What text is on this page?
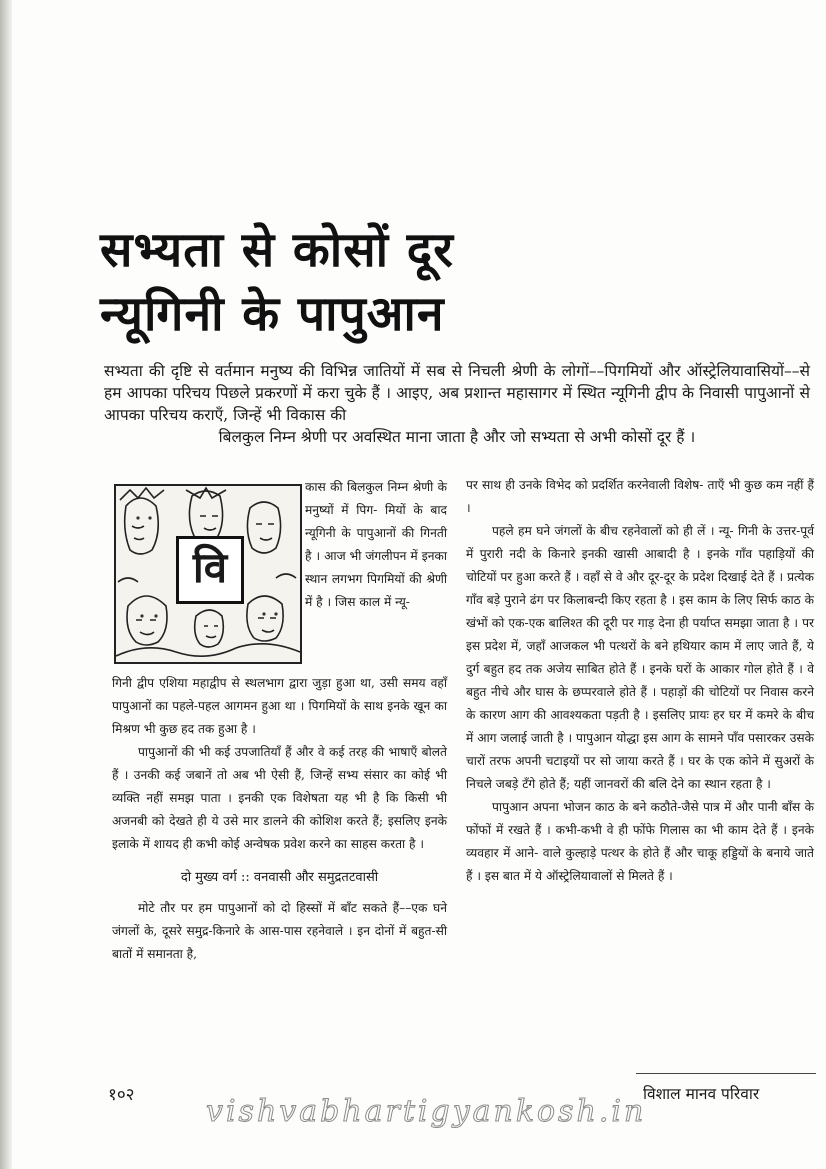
सभ्यता से कोसों दूर
न्यूगिनी के पापुआन
सभ्यता की दृष्टि से वर्तमान मनुष्य की विभिन्न जातियों में सब से निचली श्रेणी के लोगों––पिगमियों और ऑस्ट्रेलियावासियों––से हम आपका परिचय पिछले प्रकरणों में करा चुके हैं । आइए, अब प्रशान्त महासागर में स्थित न्यूगिनी द्वीप के निवासी पापुआनों से आपका परिचय कराएँ, जिन्हें भी विकास की
बिलकुल निम्न श्रेणी पर अवस्थित माना जाता है और जो सभ्यता से अभी कोसों दूर हैं ।
वि

कास की बिलकुल निम्न श्रेणी के मनुष्यों में पिग- मियों के बाद न्यूगिनी के पापुआनों की गिनती है । आज भी जंगलीपन में इनका स्थान लगभग पिगमियों की श्रेणी में है । जिस काल में न्यू-

गिनी द्वीप एशिया महाद्वीप से स्थलभाग द्वारा जुड़ा हुआ था, उसी समय वहाँ पापुआनों का पहले-पहल आगमन हुआ था । पिगमियों के साथ इनके खून का मिश्रण भी कुछ हद तक हुआ है ।

पापुआनों की भी कई उपजातियाँ हैं और वे कई तरह की भाषाएँ बोलते हैं । उनकी कई जबानें तो अब भी ऐसी हैं, जिन्हें सभ्य संसार का कोई भी व्यक्ति नहीं समझ पाता । इनकी एक विशेषता यह भी है कि किसी भी अजनबी को देखते ही ये उसे मार डालने की कोशिश करते हैं; इसलिए इनके इलाके में शायद ही कभी कोई अन्वेषक प्रवेश करने का साहस करता है ।

दो मुख्य वर्ग :: वनवासी और समुद्रतटवासी

मोटे तौर पर हम पापुआनों को दो हिस्सों में बाँट सकते हैं––एक घने जंगलों के, दूसरे समुद्र-किनारे के आस-पास रहनेवाले । इन दोनों में बहुत-सी बातों में समानता है,

पर साथ ही उनके विभेद को प्रदर्शित करनेवाली विशेष- ताएँ भी कुछ कम नहीं हैं ।

पहले हम घने जंगलों के बीच रहनेवालों को ही लें । न्यू- गिनी के उत्तर-पूर्व में पुरारी नदी के किनारे इनकी खासी आबादी है । इनके गाँव पहाड़ियों की चोटियों पर हुआ करते हैं । वहाँ से वे और दूर-दूर के प्रदेश दिखाई देते हैं । प्रत्येक गाँव बड़े पुराने ढंग पर किलाबन्दी किए रहता है । इस काम के लिए सिर्फ काठ के खंभों को एक-एक बालिश्त की दूरी पर गाड़ देना ही पर्याप्त समझा जाता है । पर इस प्रदेश में, जहाँ आजकल भी पत्थरों के बने हथियार काम में लाए जाते हैं, ये दुर्ग बहुत हद तक अजेय साबित होते हैं । इनके घरों के आकार गोल होते हैं । वे बहुत नीचे और घास के छप्परवाले होते हैं । पहाड़ों की चोटियों पर निवास करने के कारण आग की आवश्यकता पड़ती है । इसलिए प्रायः हर घर में कमरे के बीच में आग जलाई जाती है । पापुआन योद्धा इस आग के सामने पाँव पसारकर उसके चारों तरफ अपनी चटाइयों पर सो जाया करते हैं । घर के एक कोने में सुअरों के निचले जबड़े टँगे होते हैं; यहीं जानवरों की बलि देने का स्थान रहता है ।

पापुआन अपना भोजन काठ के बने कठौते-जैसे पात्र में और पानी बाँस के फोंफों में रखते हैं । कभी-कभी वे ही फोंफे गिलास का भी काम देते हैं । इनके व्यवहार में आने- वाले कुल्हाड़े पत्थर के होते हैं और चाकू हड्डियों के बनाये जाते हैं । इस बात में ये ऑस्ट्रेलियावालों से मिलते हैं ।

१०२	विशाल मानव परिवार
vishvabhartigyankosh.in
